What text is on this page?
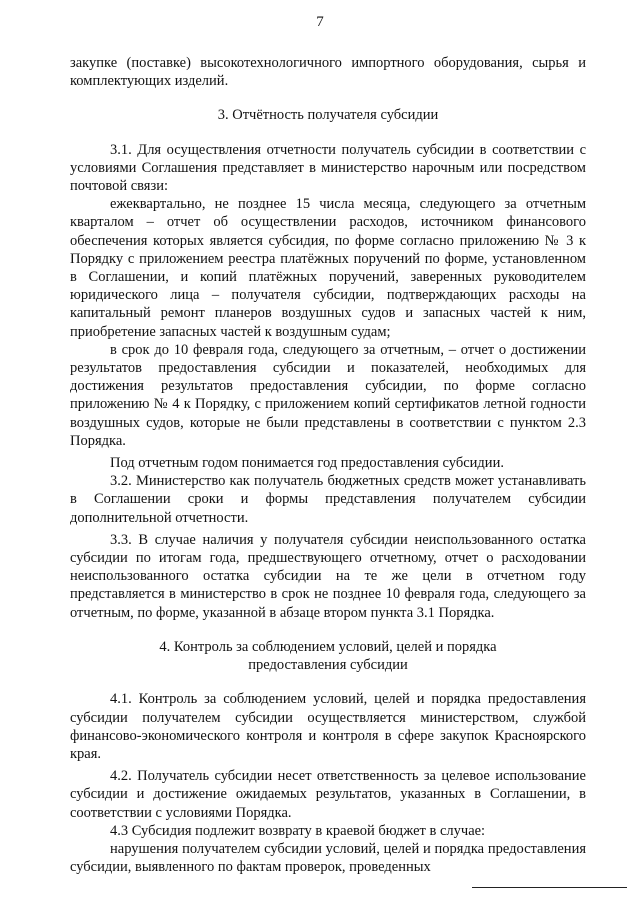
7

закупке (поставке) высокотехнологичного импортного оборудования, сырья и комплектующих изделий.

3. Отчётность получателя субсидии

3.1. Для осуществления отчетности получатель субсидии в соответствии с условиями Соглашения представляет в министерство нарочным или посредством почтовой связи:

ежеквартально, не позднее 15 числа месяца, следующего за отчетным кварталом – отчет об осуществлении расходов, источником финансового обеспечения которых является субсидия, по форме согласно приложению № 3 к Порядку с приложением реестра платёжных поручений по форме, установленном в Соглашении, и копий платёжных поручений, заверенных руководителем юридического лица – получателя субсидии, подтверждающих расходы на капитальный ремонт планеров воздушных судов и запасных частей к ним, приобретение запасных частей к воздушным судам;

в срок до 10 февраля года, следующего за отчетным, – отчет о достижении результатов предоставления субсидии и показателей, необходимых для достижения результатов предоставления субсидии, по форме согласно приложению № 4 к Порядку, с приложением копий сертификатов летной годности воздушных судов, которые не были представлены в соответствии с пунктом 2.3 Порядка.

Под отчетным годом понимается год предоставления субсидии.

3.2. Министерство как получатель бюджетных средств может устанавливать в Соглашении сроки и формы представления получателем субсидии дополнительной отчетности.

3.3. В случае наличия у получателя субсидии неиспользованного остатка субсидии по итогам года, предшествующего отчетному, отчет о расходовании неиспользованного остатка субсидии на те же цели в отчетном году представляется в министерство в срок не позднее 10 февраля года, следующего за отчетным, по форме, указанной в абзаце втором пункта 3.1 Порядка.

4. Контроль за соблюдением условий, целей и порядка

предоставления субсидии

4.1. Контроль за соблюдением условий, целей и порядка предоставления субсидии получателем субсидии осуществляется министерством, службой финансово-экономического контроля и контроля в сфере закупок Красноярского края.

4.2. Получатель субсидии несет ответственность за целевое использование субсидии и достижение ожидаемых результатов, указанных в Соглашении, в соответствии с условиями Порядка.

4.3 Субсидия подлежит возврату в краевой бюджет в случае:

нарушения получателем субсидии условий, целей и порядка предоставления субсидии, выявленного по фактам проверок, проведенных
